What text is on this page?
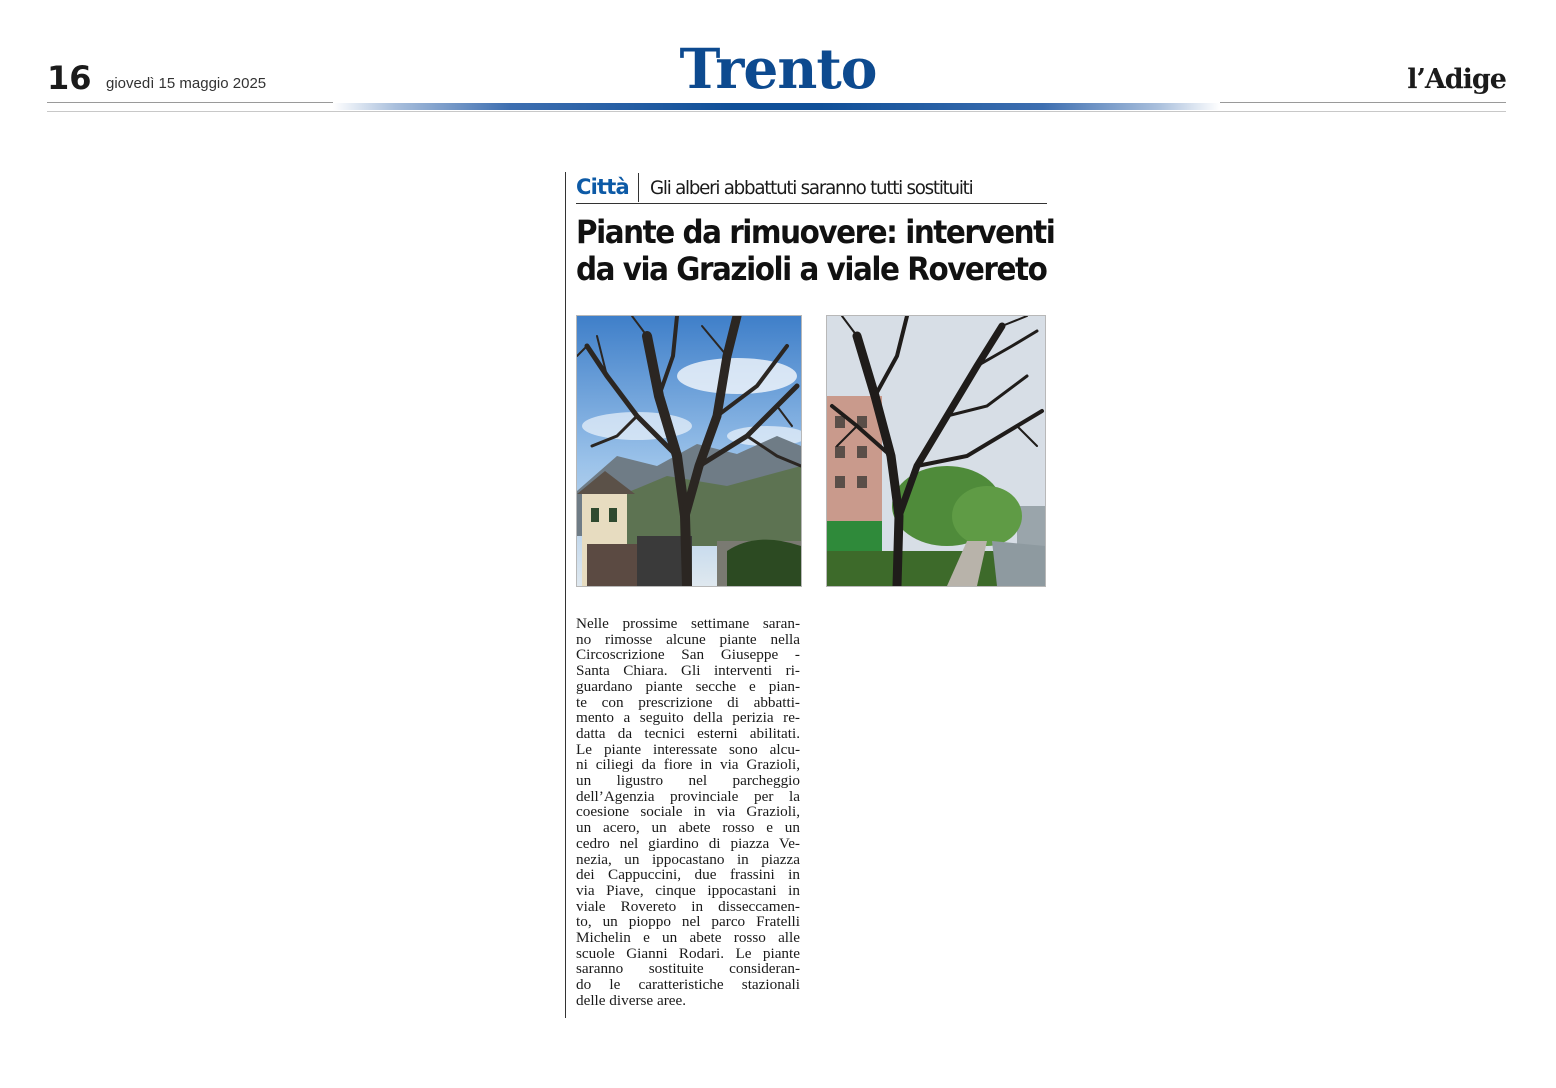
16 giovedì 15 maggio 2025	Trento	l’Adige
Città Gli alberi abbattuti saranno tutti sostituiti
Piante da rimuovere: interventi
da via Grazioli a viale Rovereto
Nelle prossime settimane saran-
no rimosse alcune piante nella
Circoscrizione San Giuseppe -
Santa Chiara. Gli interventi ri-
guardano piante secche e pian-
te con prescrizione di abbatti-
mento a seguito della perizia re-
datta da tecnici esterni abilitati.
Le piante interessate sono alcu-
ni ciliegi da fiore in via Grazioli,
un ligustro nel parcheggio
dell’Agenzia provinciale per la
coesione sociale in via Grazioli,
un acero, un abete rosso e un
cedro nel giardino di piazza Ve-
nezia, un ippocastano in piazza
dei Cappuccini, due frassini in
via Piave, cinque ippocastani in
viale Rovereto in disseccamen-
to, un pioppo nel parco Fratelli
Michelin e un abete rosso alle
scuole Gianni Rodari. Le piante
saranno sostituite consideran-
do le caratteristiche stazionali
delle diverse aree.
